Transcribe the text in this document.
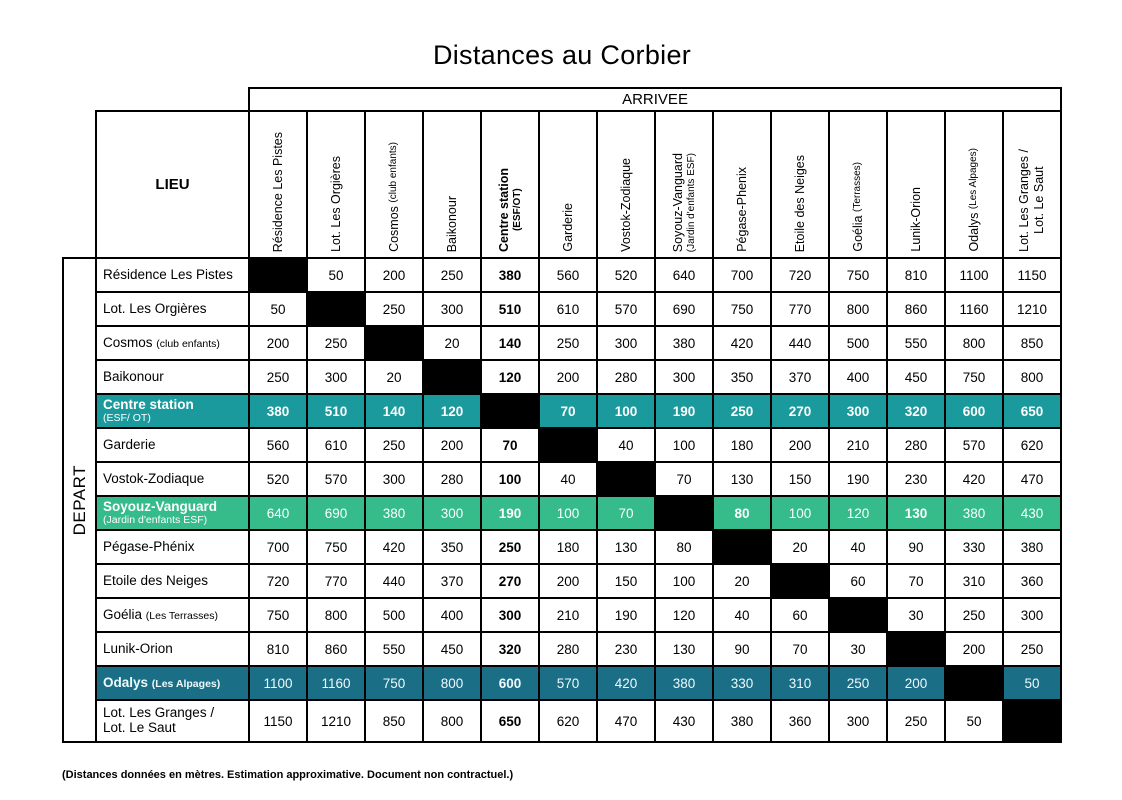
Distances au Corbier
		ARRIVEE													
	LIEU	Résidence Les Pistes	Lot. Les Orgières	Cosmos (club enfants)	Baikonour	Centre station (ESF/OT)	Garderie	Vostok-Zodiaque	Soyouz-Vanguard (Jardin d'enfants ESF)	Pégase-Phenix	Etoile des Neiges	Goélia (Terrasses)	Lunik-Orion	Odalys (Les Alpages)	Lot. Les Granges / Lot. Le Saut

DEPART	Résidence Les Pistes		50	200	250	380	560	520	640	700	720	750	810	1100	1150
	Lot. Les Orgières	50		250	300	510	610	570	690	750	770	800	860	1160	1210
	Cosmos (club enfants)	200	250		20	140	250	300	380	420	440	500	550	800	850
	Baikonour	250	300	20		120	200	280	300	350	370	400	450	750	800
	Centre station
(ESF/ OT)	380	510	140	120		70	100	190	250	270	300	320	600	650
	Garderie	560	610	250	200	70		40	100	180	200	210	280	570	620
	Vostok-Zodiaque	520	570	300	280	100	40		70	130	150	190	230	420	470
	Soyouz-Vanguard
(Jardin d'enfants ESF)	640	690	380	300	190	100	70		80	100	120	130	380	430
	Pégase-Phénix	700	750	420	350	250	180	130	80		20	40	90	330	380
	Etoile des Neiges	720	770	440	370	270	200	150	100	20		60	70	310	360
	Goélia (Les Terrasses)	750	800	500	400	300	210	190	120	40	60		30	250	300
	Lunik-Orion	810	860	550	450	320	280	230	130	90	70	30		200	250
	Odalys (Les Alpages)	1100	1160	750	800	600	570	420	380	330	310	250	200		50
	Lot. Les Granges /
Lot. Le Saut	1150	1210	850	800	650	620	470	430	380	360	300	250	50	

(Distances données en mètres. Estimation approximative. Document non contractuel.)
